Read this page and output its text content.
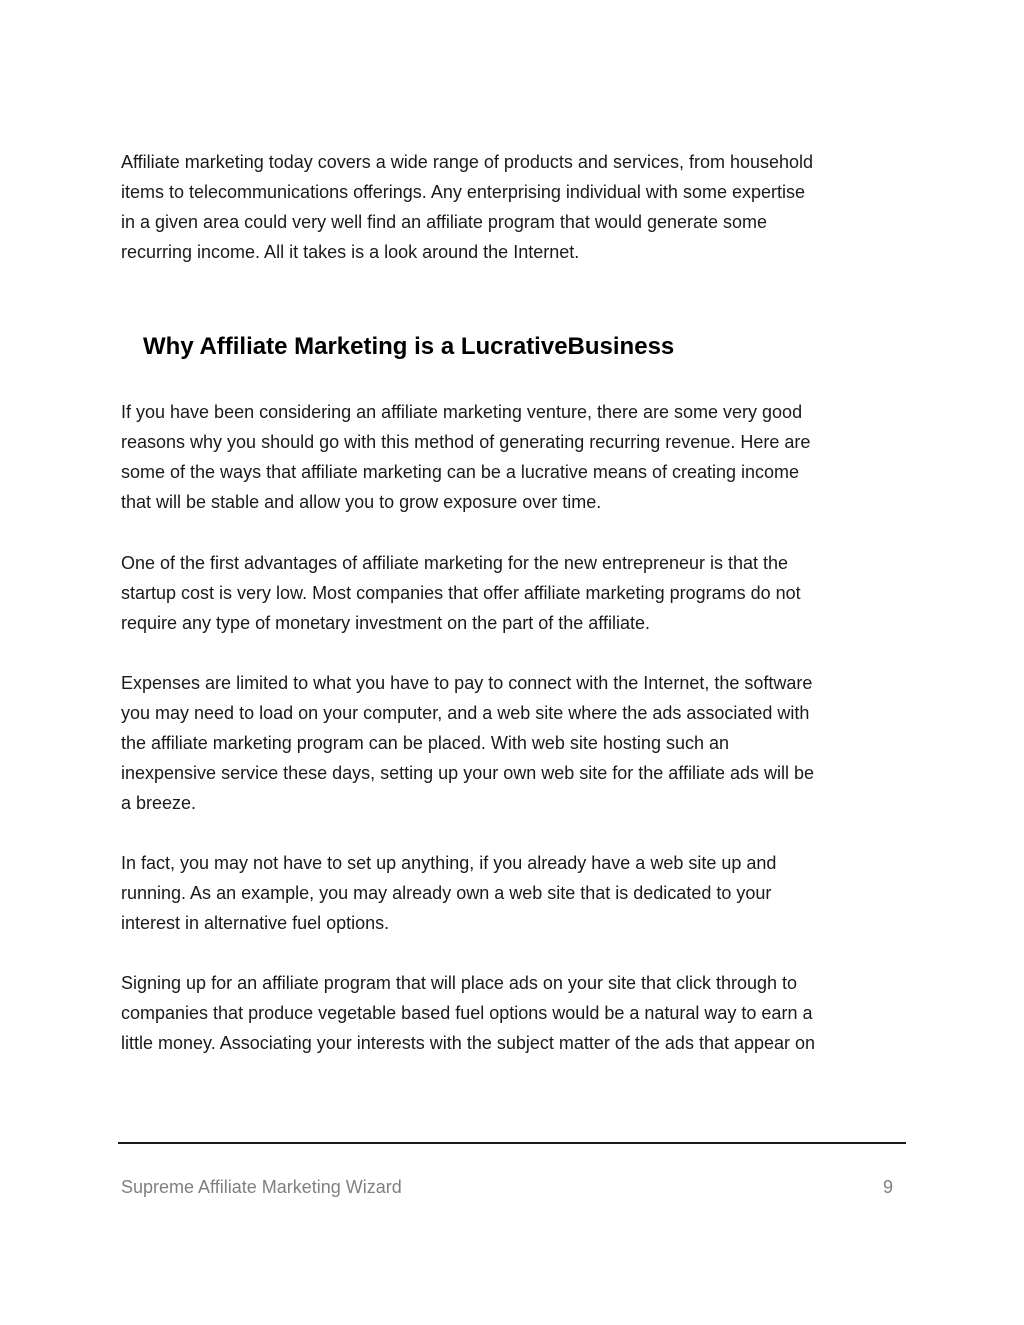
Affiliate marketing today covers a wide range of products and services, from household
items to telecommunications offerings. Any enterprising individual with some expertise
in a given area could very well find an affiliate program that would generate some
recurring income. All it takes is a look around the Internet.

Why Affiliate Marketing is a LucrativeBusiness

If you have been considering an affiliate marketing venture, there are some very good
reasons why you should go with this method of generating recurring revenue. Here are
some of the ways that affiliate marketing can be a lucrative means of creating income
that will be stable and allow you to grow exposure over time.

One of the first advantages of affiliate marketing for the new entrepreneur is that the
startup cost is very low. Most companies that offer affiliate marketing programs do not
require any type of monetary investment on the part of the affiliate.

Expenses are limited to what you have to pay to connect with the Internet, the software
you may need to load on your computer, and a web site where the ads associated with
the affiliate marketing program can be placed. With web site hosting such an
inexpensive service these days, setting up your own web site for the affiliate ads will be
a breeze.

In fact, you may not have to set up anything, if you already have a web site up and
running. As an example, you may already own a web site that is dedicated to your
interest in alternative fuel options.

Signing up for an affiliate program that will place ads on your site that click through to
companies that produce vegetable based fuel options would be a natural way to earn a
little money. Associating your interests with the subject matter of the ads that appear on

Supreme Affiliate Marketing Wizard	9
